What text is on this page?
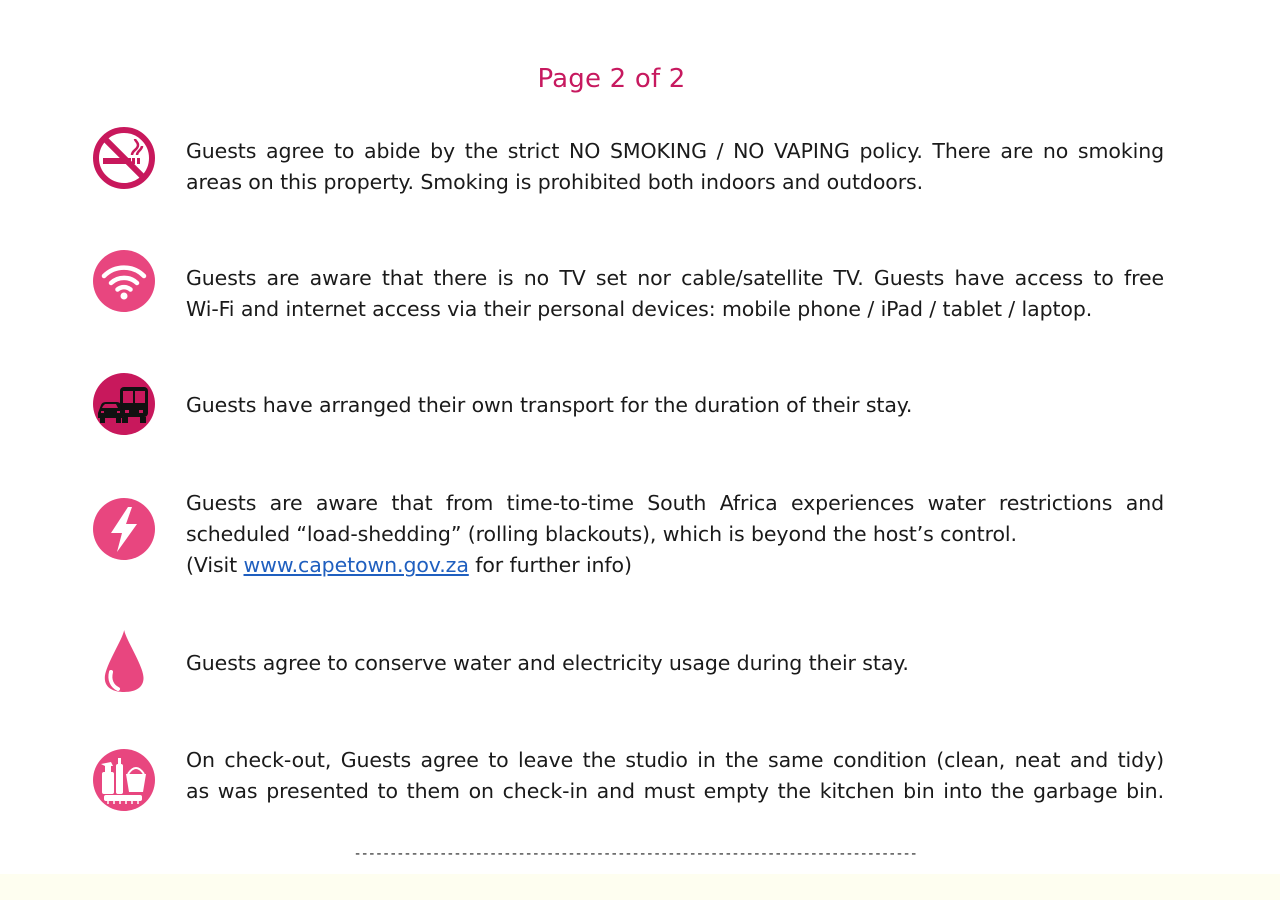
Page 2 of 2
Guests agree to abide by the strict NO SMOKING / NO VAPING policy. There are no smoking
areas on this property. Smoking is prohibited both indoors and outdoors.
Guests are aware that there is no TV set nor cable/satellite TV. Guests have access to free
Wi-Fi and internet access via their personal devices: mobile phone / iPad / tablet / laptop.
Guests have arranged their own transport for the duration of their stay.
Guests are aware that from time-to-time South Africa experiences water restrictions and
scheduled “load-shedding” (rolling blackouts), which is beyond the host’s control.
(Visit www.capetown.gov.za for further info)
Guests agree to conserve water and electricity usage during their stay.
On check-out, Guests agree to leave the studio in the same condition (clean, neat and tidy)
as was presented to them on check-in and must empty the kitchen bin into the garbage bin.
-------------------------------------------------------------------------------
